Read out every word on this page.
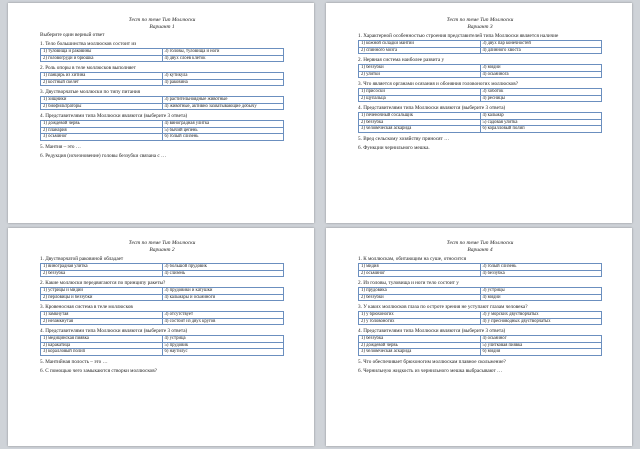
Тест по теме Тип Моллюски
Вариант 1
Выберите один верный ответ
1. Тело большинства моллюсков состоит из
1) туловища и раковины	3) головы, туловища и ноги
2) головогруди и брюшка	4) двух слоев клеток
2. Роль опоры в теле моллюсков выполняет
1) панцирь из хитина	3) кутикула
2) костный скелет	4) раковина
3. Двустворчатые моллюски по типу питания
1) хищники	3) растительноядные животные
2) биофильтраторы	4) животные, активно захватывающие добычу
4. Представителями типа Моллюски являются (выберите 3 ответа)
1) дождевой червь	4) виноградная улитка
2) планария	5) бычий цепень
3) осьминог	6) голый слизень
5. Мантия – это …
6. Редукция (исчезновение) головы беззубки связана с …
Тест по теме Тип Моллюски
Вариант 3
1. Характерной особенностью строения представителей типа Моллюски является наличие
1) кожной складки мантии	3) двух пар конечностей
2) спинного мозга	4) длинного хвоста
2. Нервная система наиболее развита у
1) беззубки	3) мидии
2) улитки	4) осьминога
3. Что является органами осязания и обоняния головоногих моллюсков?
1) присоски	3) хоботок
2) щупальца	4) ресницы
4. Представителями типа Моллюски являются (выберите 3 ответа)
1) печеночный сосальщик	4) кальмар
2) беззубка	5) садовая улитка
3) человеческая аскарида	6) коралловый полип
5. Вред сельскому хозяйству приносят …
6. Функции чернильного мешка.
Тест по теме Тип Моллюски
Вариант 2
1. Двустворчатой раковиной обладает
1) виноградная улитка	3) большой прудовик
2) беззубка	4) слизень
2. Какие моллюски передвигаются по принципу ракеты?
1) устрицы и мидии	3) прудовики и катушки
2) перловицы и беззубки	4) кальмары и осьминоги
3. Кровеносная система в теле моллюсков
1) замкнутая	3) отсутствует
2) незамкнутая	4) состоит из двух кругов
4. Представителями типа Моллюски являются (выберите 3 ответа)
1) медицинская пиявка	4) устрица
2) каракатица	5) прудовик
3) коралловый полип	6) наутилус
5. Мантийная полость – это …
6. С помощью чего замыкаются створки моллюсков?
Тест по теме Тип Моллюски
Вариант 4
1. К моллюскам, обитающим на суше, относится
1) мидия	3) голый слизень
2) осьминог	4) беззубка
2. Из головы, туловища и ноги тело состоит у
1) прудовика	3) устрицы
2) беззубки	4) мидии
3. У каких моллюсков глаза по остроте зрения не уступают глазам человека?
1) у брюхоногих	3) у морских двустворчатых
2) у головоногих	4) у пресноводных двустворчатых
4. Представителями типа Моллюски являются (выберите 3 ответа)
1) беззубка	4) осьминог
2) дождевой червь	5) улитковая пиявка
3) человеческая аскарида	6) мидия
5. Что обеспечивает брюхоногим моллюскам плавное скольжение?
6. Чернильную жидкость из чернильного мешка выбрасывают …
